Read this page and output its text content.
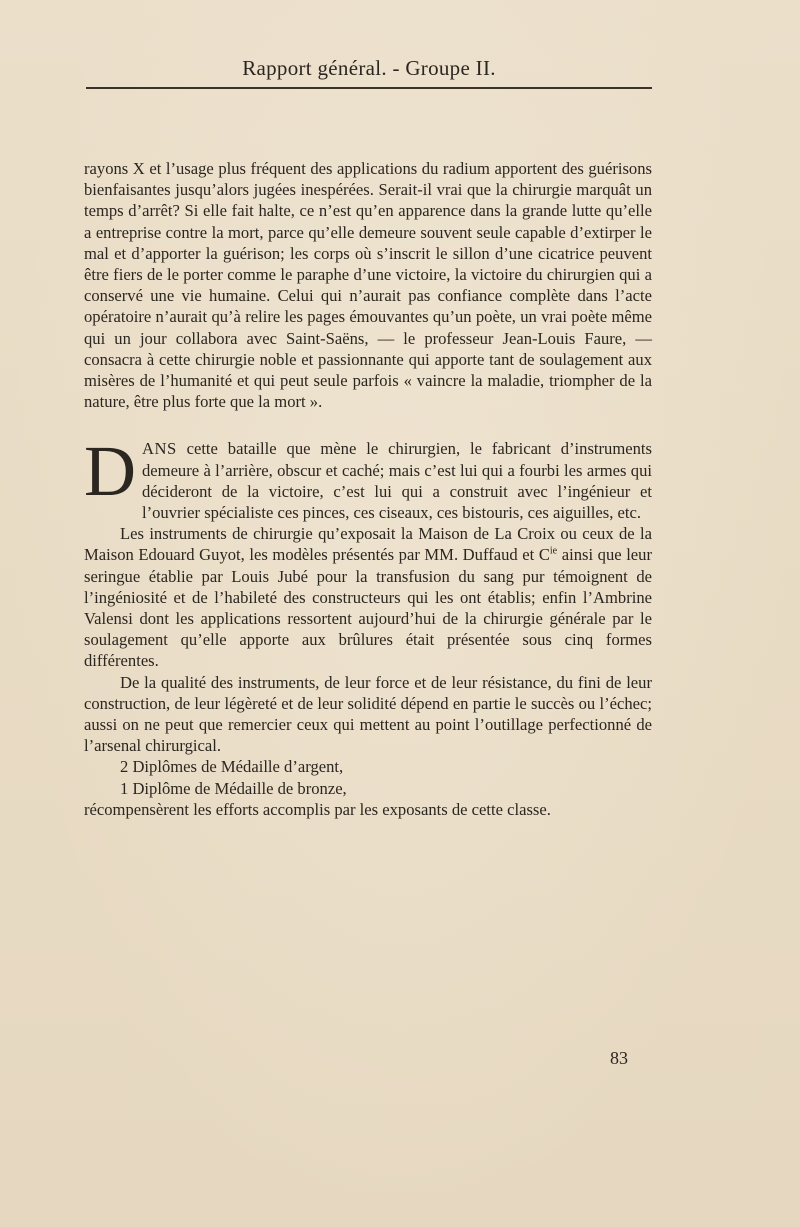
Rapport général. - Groupe II.

rayons X et l’usage plus fréquent des applications du radium apportent des guérisons bienfaisantes jusqu’alors jugées inespérées. Serait-il vrai que la chirurgie marquât un temps d’arrêt? Si elle fait halte, ce n’est qu’en apparence dans la grande lutte qu’elle a entreprise contre la mort, parce qu’elle demeure souvent seule capable d’extirper le mal et d’apporter la guérison; les corps où s’inscrit le sillon d’une cicatrice peuvent être fiers de le porter comme le paraphe d’une victoire, la victoire du chirurgien qui a conservé une vie humaine. Celui qui n’aurait pas confiance complète dans l’acte opératoire n’aurait qu’à relire les pages émouvantes qu’un poète, un vrai poète même qui un jour collabora avec Saint-Saëns, — le professeur Jean-Louis Faure, — consacra à cette chirurgie noble et passionnante qui apporte tant de soulagement aux misères de l’humanité et qui peut seule parfois « vaincre la maladie, triompher de la nature, être plus forte que la mort ».

DANS cette bataille que mène le chirurgien, le fabricant d’instruments demeure à l’arrière, obscur et caché; mais c’est lui qui a fourbi les armes qui décideront de la victoire, c’est lui qui a construit avec l’ingénieur et l’ouvrier spécialiste ces pinces, ces ciseaux, ces bistouris, ces aiguilles, etc.

Les instruments de chirurgie qu’exposait la Maison de La Croix ou ceux de la Maison Edouard Guyot, les modèles présentés par MM. Duffaud et $C^{ie}$ ainsi que leur seringue établie par Louis Jubé pour la transfusion du sang pur témoignent de l’ingéniosité et de l’habileté des constructeurs qui les ont établis; enfin l’Ambrine Valensi dont les applications ressortent aujourd’hui de la chirurgie générale par le soulagement qu’elle apporte aux brûlures était présentée sous cinq formes différentes.

De la qualité des instruments, de leur force et de leur résistance, du fini de leur construction, de leur légèreté et de leur solidité dépend en partie le succès ou l’échec; aussi on ne peut que remercier ceux qui mettent au point l’outillage perfectionné de l’arsenal chirurgical.

2 Diplômes de Médaille d’argent,

1 Diplôme de Médaille de bronze,

récompensèrent les efforts accomplis par les exposants de cette classe.

83
